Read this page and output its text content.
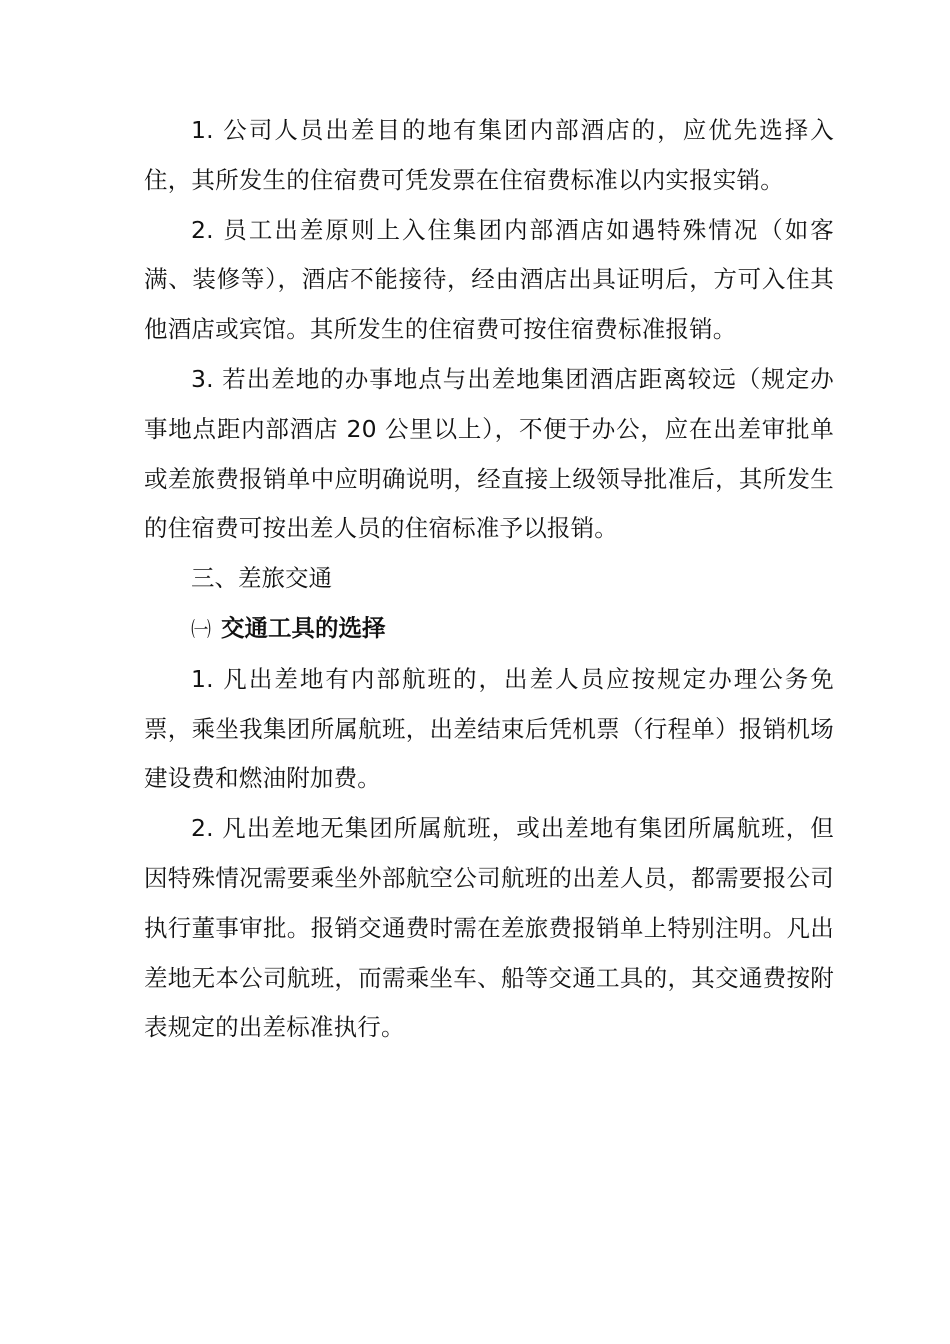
1. 公司人员出差目的地有集团内部酒店的，应优先选择入住，其所发生的住宿费可凭发票在住宿费标准以内实报实销。

2. 员工出差原则上入住集团内部酒店如遇特殊情况（如客满、装修等），酒店不能接待，经由酒店出具证明后，方可入住其他酒店或宾馆。其所发生的住宿费可按住宿费标准报销。

3. 若出差地的办事地点与出差地集团酒店距离较远（规定办事地点距内部酒店 20 公里以上），不便于办公，应在出差审批单或差旅费报销单中应明确说明，经直接上级领导批准后，其所发生的住宿费可按出差人员的住宿标准予以报销。

三、差旅交通

㈠ 交通工具的选择

1. 凡出差地有内部航班的，出差人员应按规定办理公务免票，乘坐我集团所属航班，出差结束后凭机票（行程单）报销机场建设费和燃油附加费。

2. 凡出差地无集团所属航班，或出差地有集团所属航班，但因特殊情况需要乘坐外部航空公司航班的出差人员，都需要报公司执行董事审批。报销交通费时需在差旅费报销单上特别注明。凡出差地无本公司航班，而需乘坐车、船等交通工具的，其交通费按附表规定的出差标准执行。
